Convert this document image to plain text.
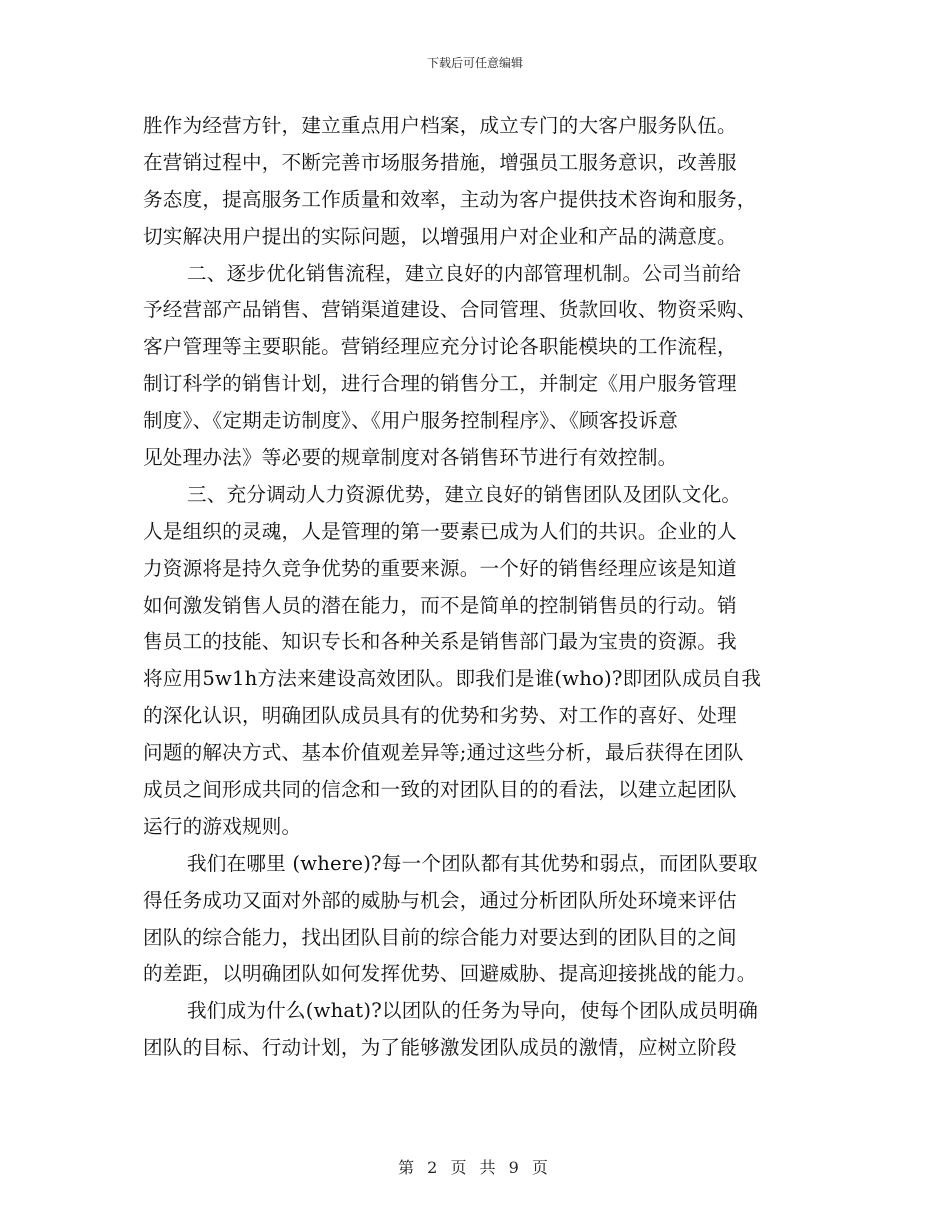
下载后可任意编辑
胜作为经营方针，建立重点用户档案，成立专门的大客户服务队伍。
在营销过程中，不断完善市场服务措施，增强员工服务意识，改善服
务态度，提高服务工作质量和效率，主动为客户提供技术咨询和服务，
切实解决用户提出的实际问题，以增强用户对企业和产品的满意度。
二、逐步优化销售流程，建立良好的内部管理机制。公司当前给
予经营部产品销售、营销渠道建设、合同管理、货款回收、物资采购、
客户管理等主要职能。营销经理应充分讨论各职能模块的工作流程，
制订科学的销售计划，进行合理的销售分工，并制定《用户服务管理
制度》、《定期走访制度》、《用户服务控制程序》、《顾客投诉意
见处理办法》等必要的规章制度对各销售环节进行有效控制。
三、充分调动人力资源优势，建立良好的销售团队及团队文化。
人是组织的灵魂，人是管理的第一要素已成为人们的共识。企业的人
力资源将是持久竞争优势的重要来源。一个好的销售经理应该是知道
如何激发销售人员的潜在能力，而不是简单的控制销售员的行动。销
售员工的技能、知识专长和各种关系是销售部门最为宝贵的资源。我
将应用5w1h方法来建设高效团队。即我们是谁(who)?即团队成员自我
的深化认识，明确团队成员具有的优势和劣势、对工作的喜好、处理
问题的解决方式、基本价值观差异等;通过这些分析，最后获得在团队
成员之间形成共同的信念和一致的对团队目的的看法，以建立起团队
运行的游戏规则。
我们在哪里 (where)?每一个团队都有其优势和弱点，而团队要取
得任务成功又面对外部的威胁与机会，通过分析团队所处环境来评估
团队的综合能力，找出团队目前的综合能力对要达到的团队目的之间
的差距，以明确团队如何发挥优势、回避威胁、提高迎接挑战的能力。
我们成为什么(what)?以团队的任务为导向，使每个团队成员明确
团队的目标、行动计划，为了能够激发团队成员的激情，应树立阶段
第 2 页 共 9 页
